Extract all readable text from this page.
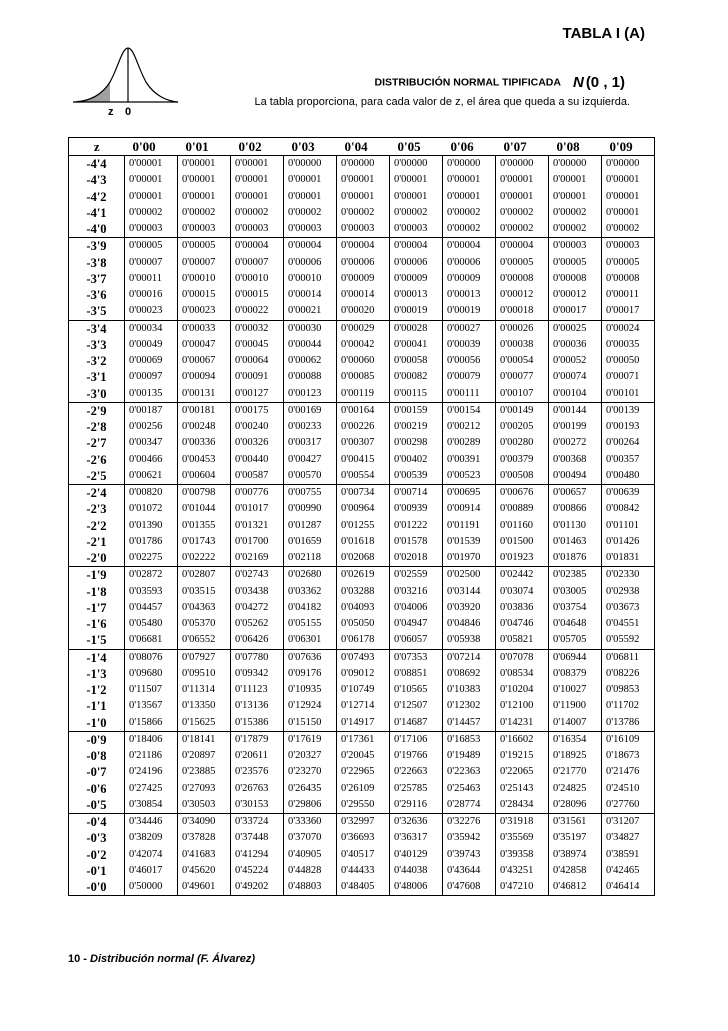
z 0
TABLA I (A)
DISTRIBUCIÓN NORMAL TIPIFICADA N (0 , 1)
La tabla proporciona, para cada valor de z, el área que queda a su izquierda.
z	0'00	0'01	0'02	0'03	0'04	0'05	0'06	0'07	0'08	0'09
-4'4	0'00001	0'00001	0'00001	0'00000	0'00000	0'00000	0'00000	0'00000	0'00000	0'00000
-4'3	0'00001	0'00001	0'00001	0'00001	0'00001	0'00001	0'00001	0'00001	0'00001	0'00001
-4'2	0'00001	0'00001	0'00001	0'00001	0'00001	0'00001	0'00001	0'00001	0'00001	0'00001
-4'1	0'00002	0'00002	0'00002	0'00002	0'00002	0'00002	0'00002	0'00002	0'00002	0'00001
-4'0	0'00003	0'00003	0'00003	0'00003	0'00003	0'00003	0'00002	0'00002	0'00002	0'00002
-3'9	0'00005	0'00005	0'00004	0'00004	0'00004	0'00004	0'00004	0'00004	0'00003	0'00003
-3'8	0'00007	0'00007	0'00007	0'00006	0'00006	0'00006	0'00006	0'00005	0'00005	0'00005
-3'7	0'00011	0'00010	0'00010	0'00010	0'00009	0'00009	0'00009	0'00008	0'00008	0'00008
-3'6	0'00016	0'00015	0'00015	0'00014	0'00014	0'00013	0'00013	0'00012	0'00012	0'00011
-3'5	0'00023	0'00023	0'00022	0'00021	0'00020	0'00019	0'00019	0'00018	0'00017	0'00017
-3'4	0'00034	0'00033	0'00032	0'00030	0'00029	0'00028	0'00027	0'00026	0'00025	0'00024
-3'3	0'00049	0'00047	0'00045	0'00044	0'00042	0'00041	0'00039	0'00038	0'00036	0'00035
-3'2	0'00069	0'00067	0'00064	0'00062	0'00060	0'00058	0'00056	0'00054	0'00052	0'00050
-3'1	0'00097	0'00094	0'00091	0'00088	0'00085	0'00082	0'00079	0'00077	0'00074	0'00071
-3'0	0'00135	0'00131	0'00127	0'00123	0'00119	0'00115	0'00111	0'00107	0'00104	0'00101
-2'9	0'00187	0'00181	0'00175	0'00169	0'00164	0'00159	0'00154	0'00149	0'00144	0'00139
-2'8	0'00256	0'00248	0'00240	0'00233	0'00226	0'00219	0'00212	0'00205	0'00199	0'00193
-2'7	0'00347	0'00336	0'00326	0'00317	0'00307	0'00298	0'00289	0'00280	0'00272	0'00264
-2'6	0'00466	0'00453	0'00440	0'00427	0'00415	0'00402	0'00391	0'00379	0'00368	0'00357
-2'5	0'00621	0'00604	0'00587	0'00570	0'00554	0'00539	0'00523	0'00508	0'00494	0'00480
-2'4	0'00820	0'00798	0'00776	0'00755	0'00734	0'00714	0'00695	0'00676	0'00657	0'00639
-2'3	0'01072	0'01044	0'01017	0'00990	0'00964	0'00939	0'00914	0'00889	0'00866	0'00842
-2'2	0'01390	0'01355	0'01321	0'01287	0'01255	0'01222	0'01191	0'01160	0'01130	0'01101
-2'1	0'01786	0'01743	0'01700	0'01659	0'01618	0'01578	0'01539	0'01500	0'01463	0'01426
-2'0	0'02275	0'02222	0'02169	0'02118	0'02068	0'02018	0'01970	0'01923	0'01876	0'01831
-1'9	0'02872	0'02807	0'02743	0'02680	0'02619	0'02559	0'02500	0'02442	0'02385	0'02330
-1'8	0'03593	0'03515	0'03438	0'03362	0'03288	0'03216	0'03144	0'03074	0'03005	0'02938
-1'7	0'04457	0'04363	0'04272	0'04182	0'04093	0'04006	0'03920	0'03836	0'03754	0'03673
-1'6	0'05480	0'05370	0'05262	0'05155	0'05050	0'04947	0'04846	0'04746	0'04648	0'04551
-1'5	0'06681	0'06552	0'06426	0'06301	0'06178	0'06057	0'05938	0'05821	0'05705	0'05592
-1'4	0'08076	0'07927	0'07780	0'07636	0'07493	0'07353	0'07214	0'07078	0'06944	0'06811
-1'3	0'09680	0'09510	0'09342	0'09176	0'09012	0'08851	0'08692	0'08534	0'08379	0'08226
-1'2	0'11507	0'11314	0'11123	0'10935	0'10749	0'10565	0'10383	0'10204	0'10027	0'09853
-1'1	0'13567	0'13350	0'13136	0'12924	0'12714	0'12507	0'12302	0'12100	0'11900	0'11702
-1'0	0'15866	0'15625	0'15386	0'15150	0'14917	0'14687	0'14457	0'14231	0'14007	0'13786
-0'9	0'18406	0'18141	0'17879	0'17619	0'17361	0'17106	0'16853	0'16602	0'16354	0'16109
-0'8	0'21186	0'20897	0'20611	0'20327	0'20045	0'19766	0'19489	0'19215	0'18925	0'18673
-0'7	0'24196	0'23885	0'23576	0'23270	0'22965	0'22663	0'22363	0'22065	0'21770	0'21476
-0'6	0'27425	0'27093	0'26763	0'26435	0'26109	0'25785	0'25463	0'25143	0'24825	0'24510
-0'5	0'30854	0'30503	0'30153	0'29806	0'29550	0'29116	0'28774	0'28434	0'28096	0'27760
-0'4	0'34446	0'34090	0'33724	0'33360	0'32997	0'32636	0'32276	0'31918	0'31561	0'31207
-0'3	0'38209	0'37828	0'37448	0'37070	0'36693	0'36317	0'35942	0'35569	0'35197	0'34827
-0'2	0'42074	0'41683	0'41294	0'40905	0'40517	0'40129	0'39743	0'39358	0'38974	0'38591
-0'1	0'46017	0'45620	0'45224	0'44828	0'44433	0'44038	0'43644	0'43251	0'42858	0'42465
-0'0	0'50000	0'49601	0'49202	0'48803	0'48405	0'48006	0'47608	0'47210	0'46812	0'46414
10 - Distribución normal (F. Álvarez)
